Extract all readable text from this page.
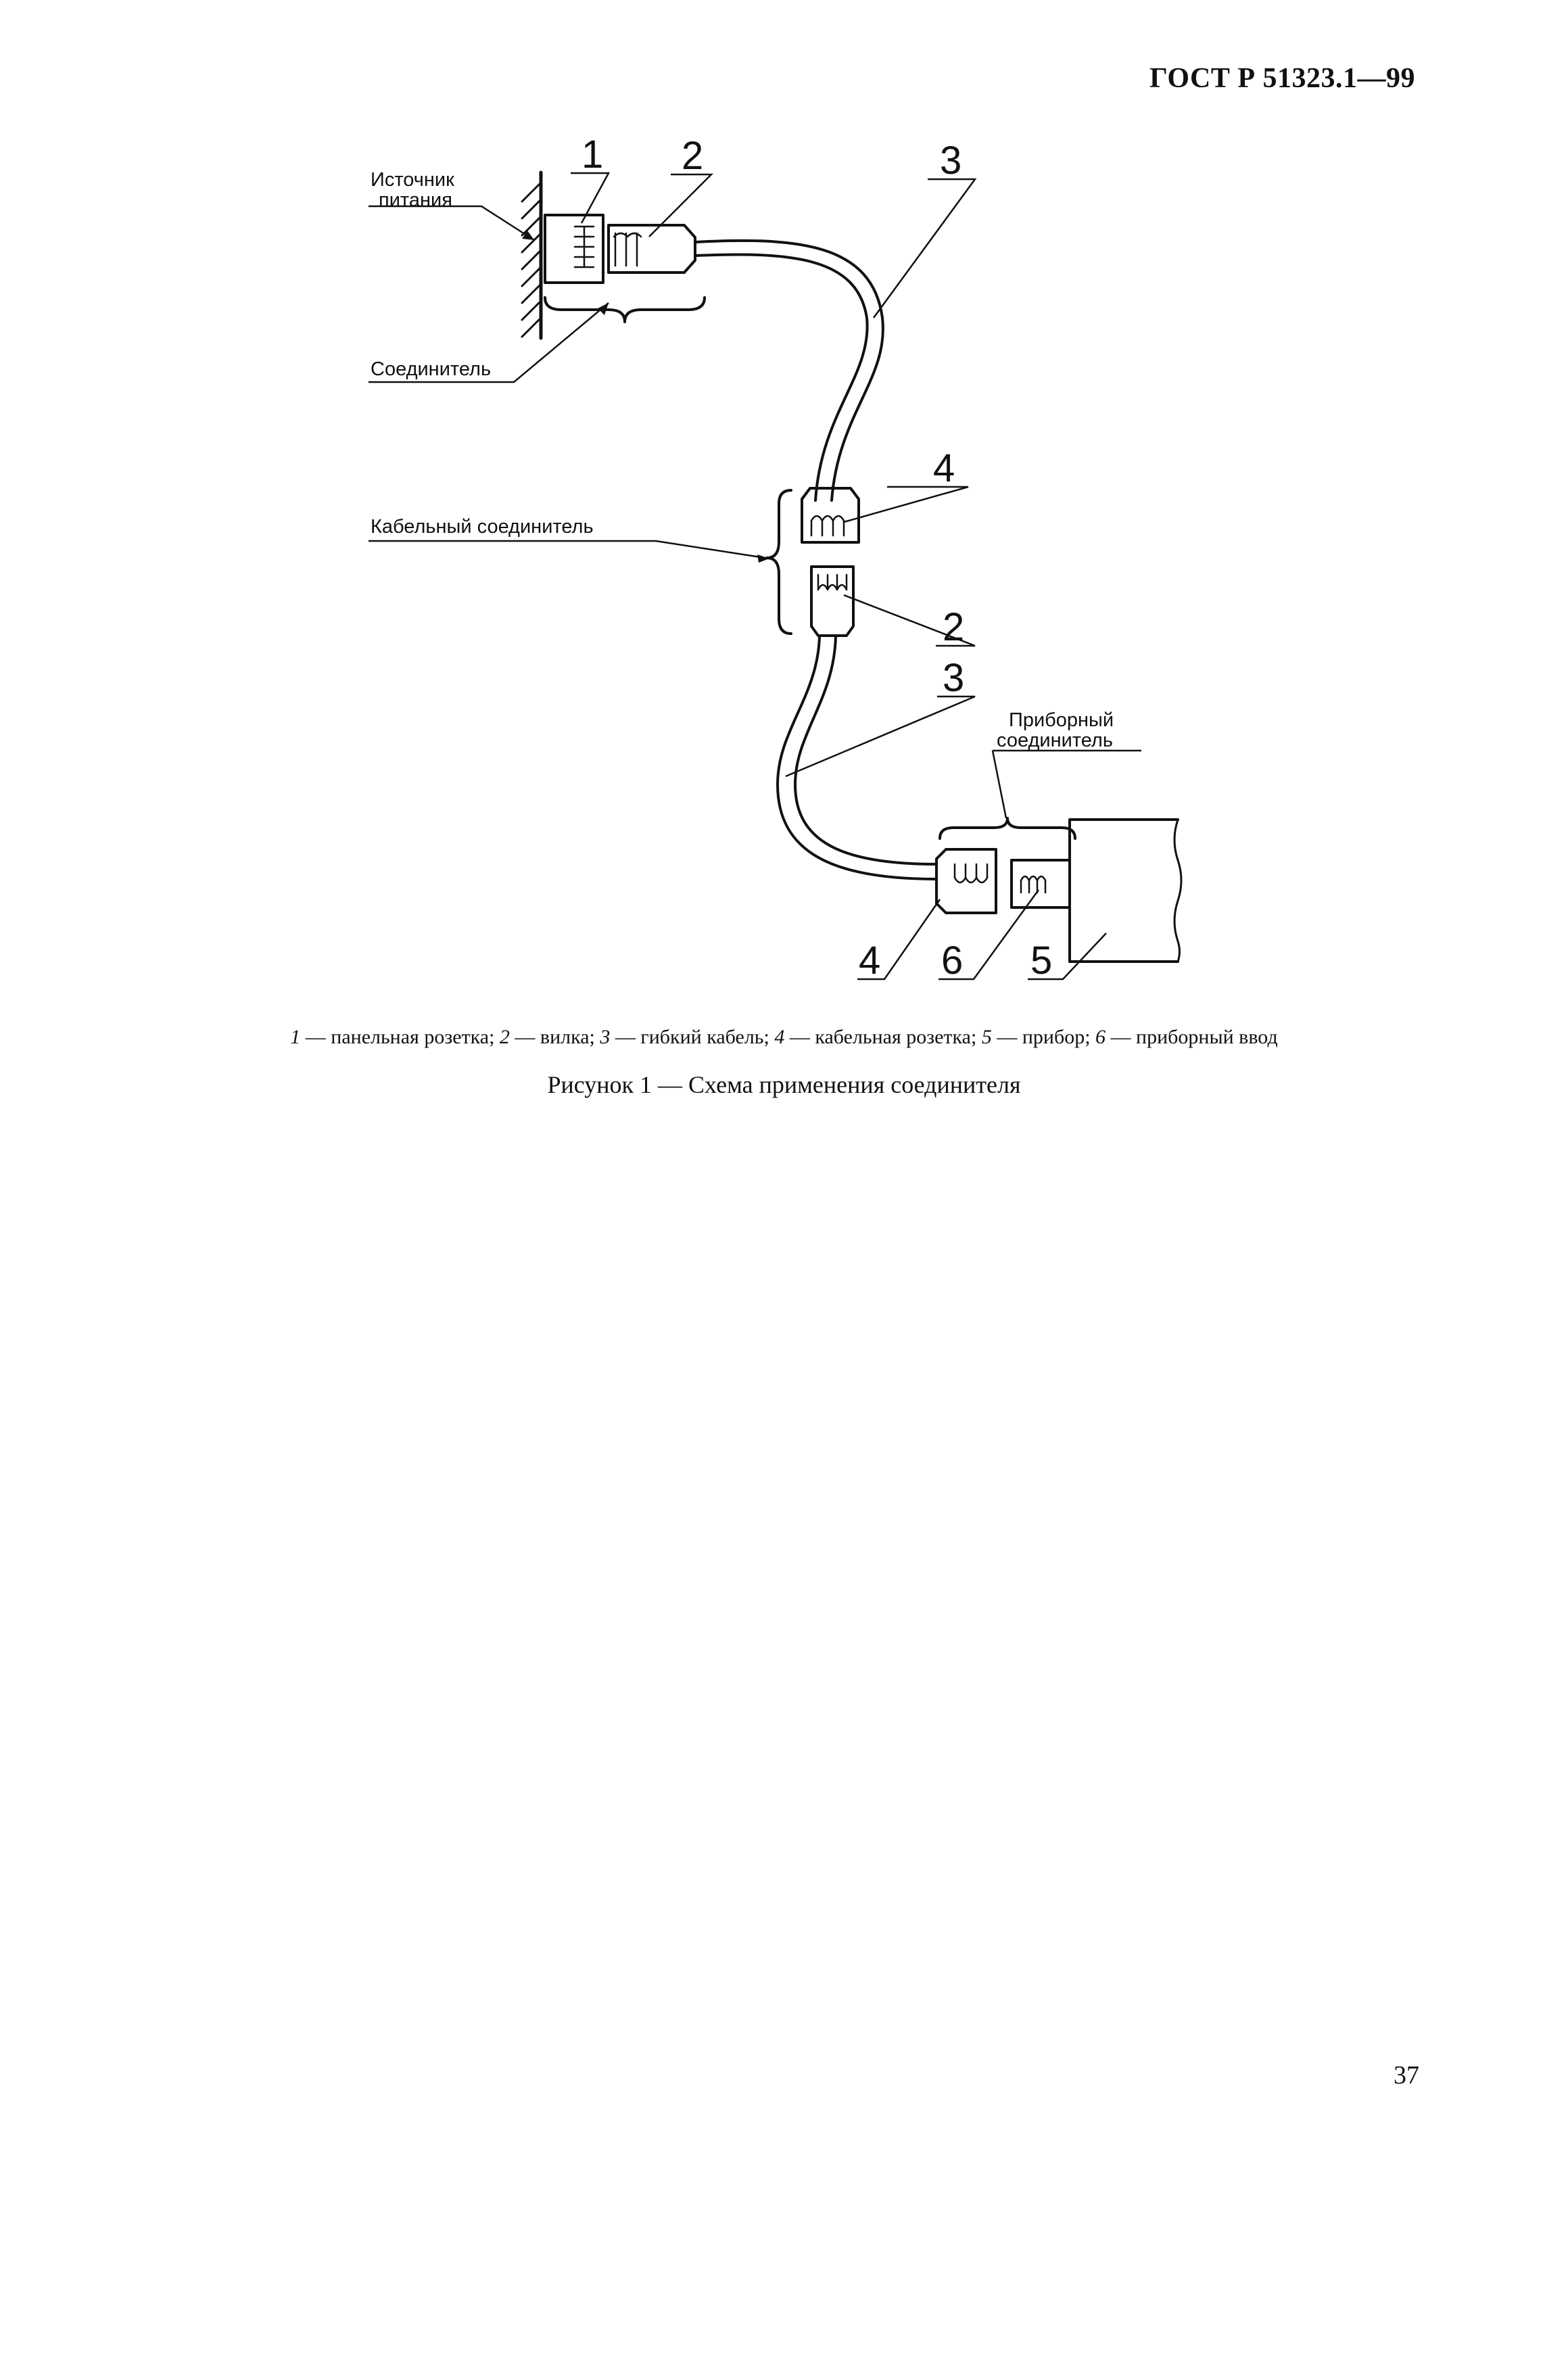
ГОСТ Р 51323.1—99
1 2	3
4
2
3
4 6 5
Источник
питания
Соединитель
Кабельный соединитель
Приборный
соединитель
1 — панельная розетка; 2 — вилка; 3 — гибкий кабель; 4 — кабельная розетка; 5 — прибор; 6 — приборный ввод
Рисунок 1 — Схема применения соединителя
37
